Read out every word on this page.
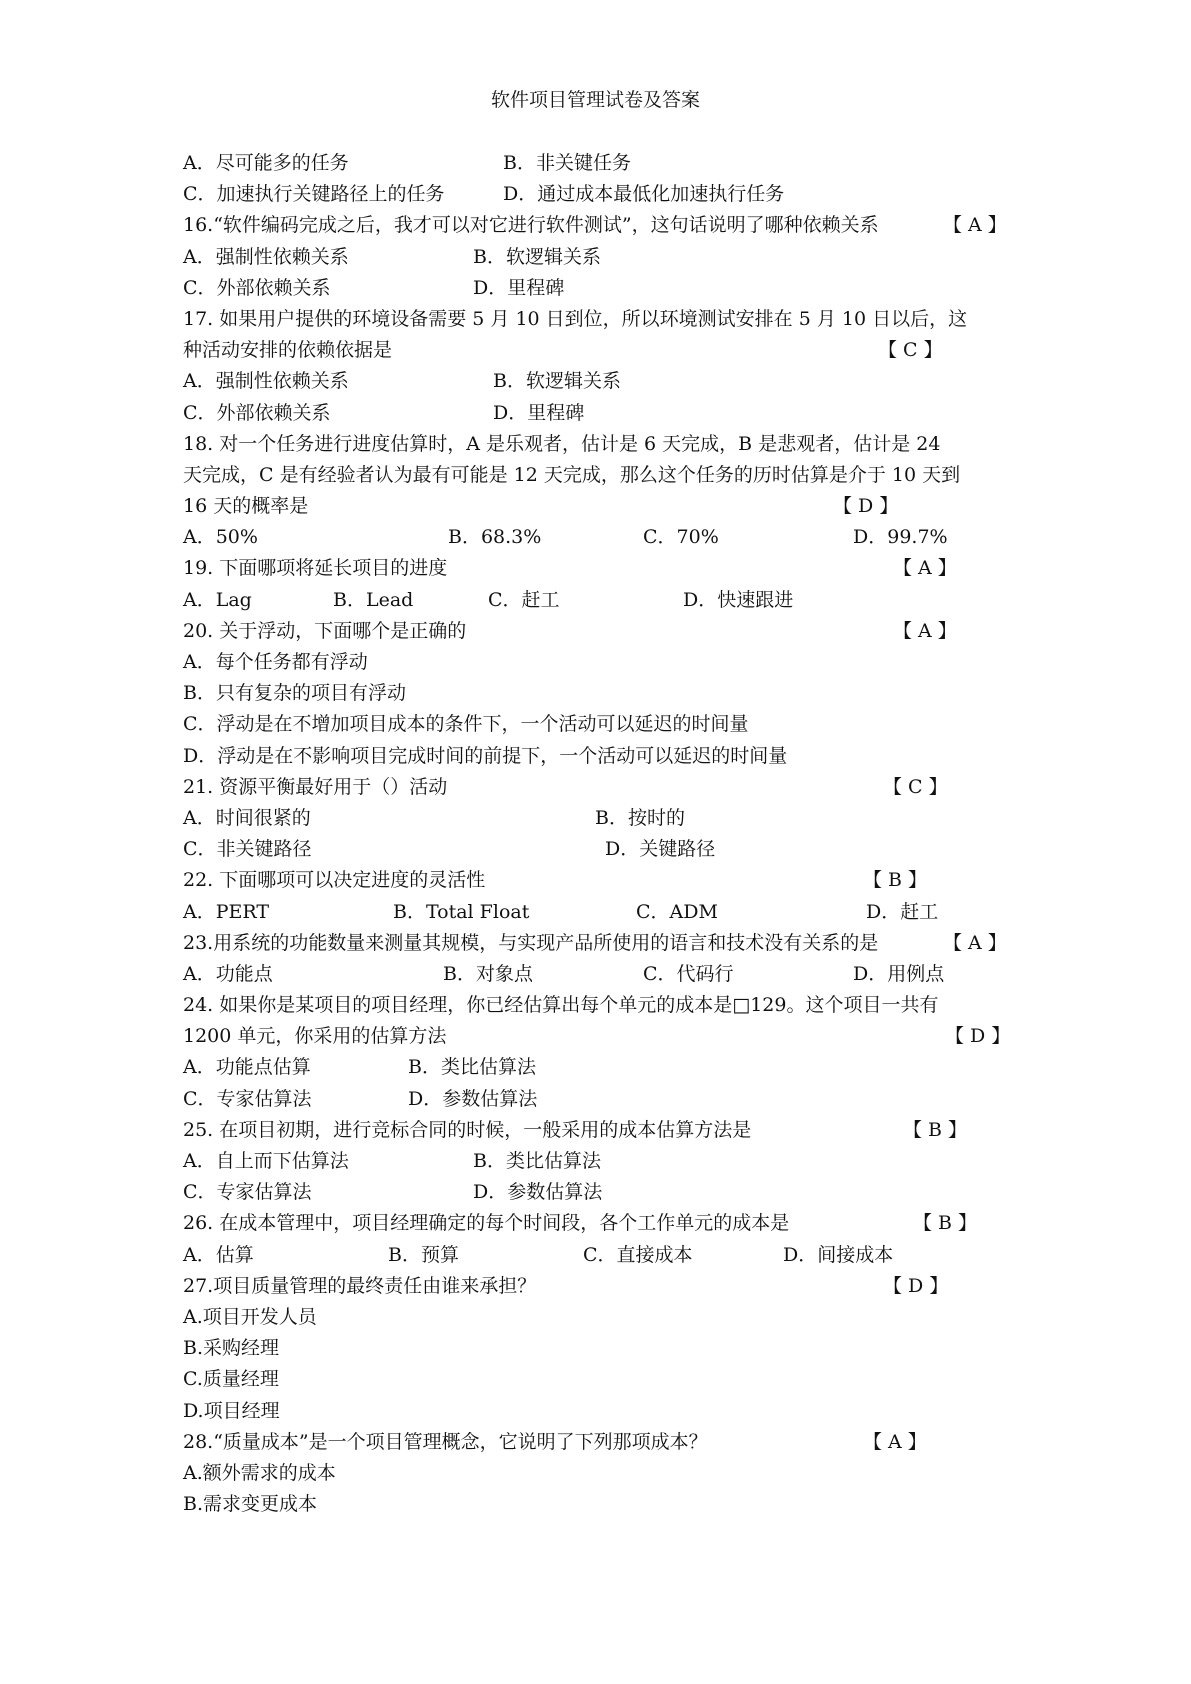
软件项目管理试卷及答案
A．尽可能多的任务	B．非关键任务
C．加速执行关键路径上的任务	D．通过成本最低化加速执行任务
16.“软件编码完成之后，我才可以对它进行软件测试”，这句话说明了哪种依赖关系	【 A 】
A．强制性依赖关系	B．软逻辑关系
C．外部依赖关系	D．里程碑
17. 如果用户提供的环境设备需要 5 月 10 日到位，所以环境测试安排在 5 月 10 日以后，这
种活动安排的依赖依据是	【 C 】
A．强制性依赖关系	B．软逻辑关系
C．外部依赖关系	D．里程碑
18. 对一个任务进行进度估算时，A 是乐观者，估计是 6 天完成，B 是悲观者，估计是 24
天完成，C 是有经验者认为最有可能是 12 天完成，那么这个任务的历时估算是介于 10 天到
16 天的概率是	【 D 】
A．50%	B．68.3%	C．70%	D．99.7%
19. 下面哪项将延长项目的进度	【 A 】
A．Lag	B．Lead	C．赶工	D．快速跟进
20. 关于浮动，下面哪个是正确的	【 A 】
A．每个任务都有浮动
B．只有复杂的项目有浮动
C．浮动是在不增加项目成本的条件下，一个活动可以延迟的时间量
D．浮动是在不影响项目完成时间的前提下，一个活动可以延迟的时间量
21. 资源平衡最好用于（）活动	【 C 】
A．时间很紧的	B．按时的
C．非关键路径	D．关键路径
22. 下面哪项可以决定进度的灵活性	【 B 】
A．PERT	B．Total Float	C．ADM	D．赶工
23.用系统的功能数量来测量其规模，与实现产品所使用的语言和技术没有关系的是	【 A 】
A．功能点	B．对象点	C．代码行	D．用例点
24. 如果你是某项目的项目经理，你已经估算出每个单元的成本是□129。这个项目一共有
1200 单元，你采用的估算方法	【 D 】
A．功能点估算	B．类比估算法
C．专家估算法	D．参数估算法
25. 在项目初期，进行竞标合同的时候，一般采用的成本估算方法是	【 B 】
A．自上而下估算法	B．类比估算法
C．专家估算法	D．参数估算法
26. 在成本管理中，项目经理确定的每个时间段，各个工作单元的成本是	【 B 】
A．估算	B．预算	C．直接成本	D．间接成本
27.项目质量管理的最终责任由谁来承担？	【 D 】
A.项目开发人员
B.采购经理
C.质量经理
D.项目经理
28.“质量成本”是一个项目管理概念，它说明了下列那项成本？	【 A 】
A.额外需求的成本
B.需求变更成本
